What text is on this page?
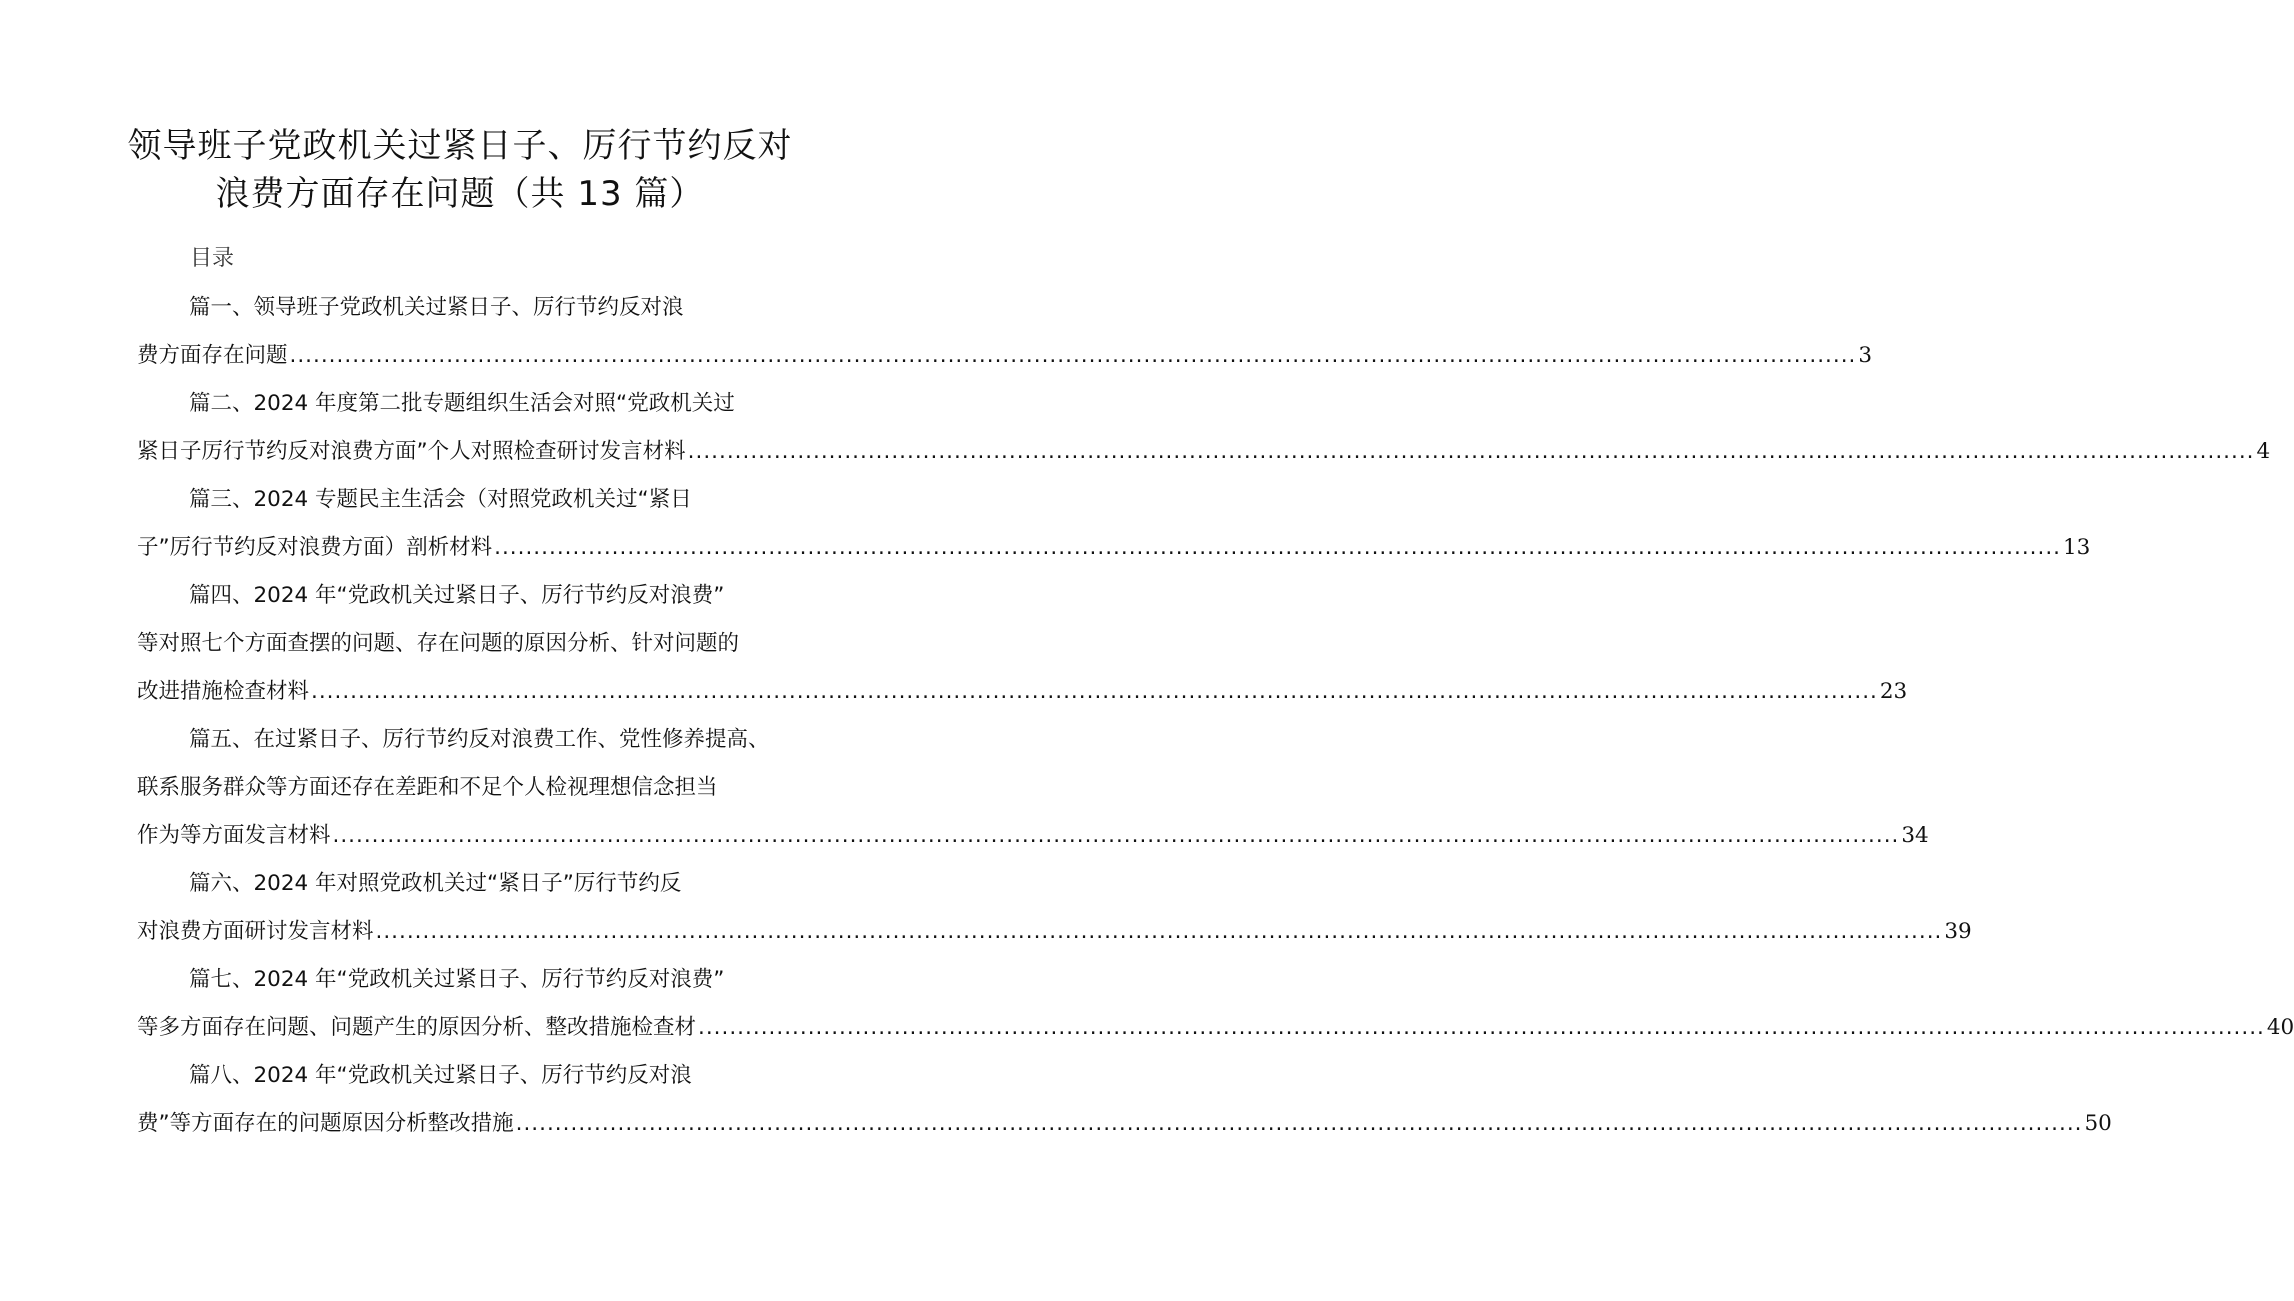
领导班子党政机关过紧日子、厉行节约反对
浪费方面存在问题（共 13 篇）
目录
篇一、领导班子党政机关过紧日子、厉行节约反对浪
费方面存在问题 ........................................................................................................................................................................................................ 3
篇二、2024 年度第二批专题组织生活会对照“党政机关过
紧日子厉行节约反对浪费方面”个人对照检查研讨发言材料 ........................................................................................................................................................................................................ 4
篇三、2024 专题民主生活会（对照党政机关过“紧日
子”厉行节约反对浪费方面）剖析材料 ........................................................................................................................................................................................................ 13
篇四、2024 年“党政机关过紧日子、厉行节约反对浪费”
等对照七个方面查摆的问题、存在问题的原因分析、针对问题的
改进措施检查材料 ........................................................................................................................................................................................................ 23
篇五、在过紧日子、厉行节约反对浪费工作、党性修养提高、
联系服务群众等方面还存在差距和不足个人检视理想信念担当
作为等方面发言材料 ........................................................................................................................................................................................................ 34
篇六、2024 年对照党政机关过“紧日子”厉行节约反
对浪费方面研讨发言材料 ........................................................................................................................................................................................................ 39
篇七、2024 年“党政机关过紧日子、厉行节约反对浪费”
等多方面存在问题、问题产生的原因分析、整改措施检查材 ........................................................................................................................................................................................................ 40
篇八、2024 年“党政机关过紧日子、厉行节约反对浪
费”等方面存在的问题原因分析整改措施 ........................................................................................................................................................................................................ 50
